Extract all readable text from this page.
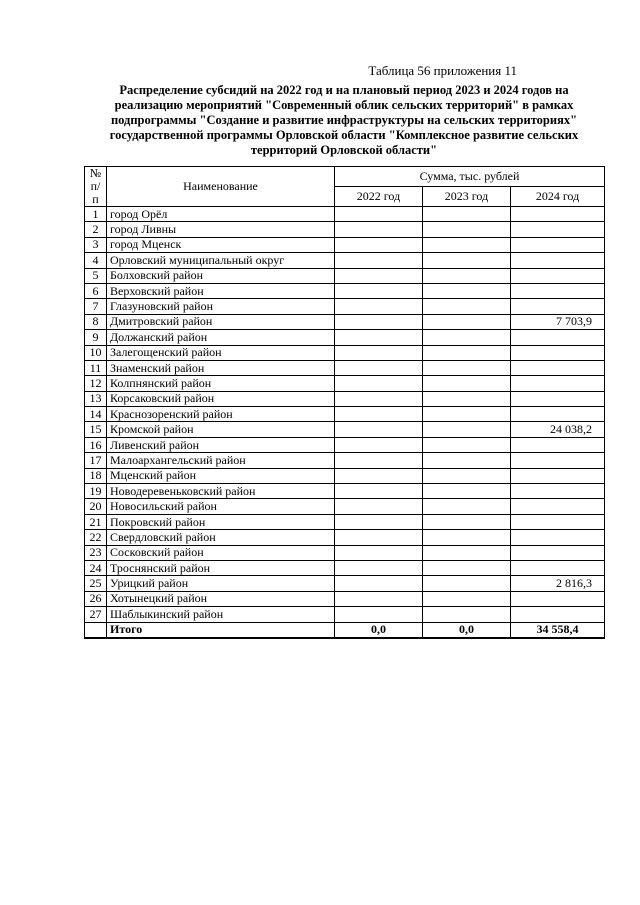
Таблица 56 приложения 11
Распределение субсидий на 2022 год и на плановый период 2023 и 2024 годов на реализацию мероприятий "Современный облик сельских территорий" в рамках подпрограммы "Создание и развитие инфраструктуры на сельских территориях" государственной программы Орловской области "Комплексное развитие сельских территорий Орловской области"
№ п/п	Наименование	Сумма, тыс. рублей		
		2022 год	2023 год	2024 год
1	город Орёл			
2	город Ливны			
3	город Мценск			
4	Орловский муниципальный округ			
5	Болховский район			
6	Верховский район			
7	Глазуновский район			
8	Дмитровский район			7 703,9
9	Должанский район			
10	Залегощенский район			
11	Знаменский район			
12	Колпнянский район			
13	Корсаковский район			
14	Краснозоренский район			
15	Кромской район			24 038,2
16	Ливенский район			
17	Малоархангельский район			
18	Мценский район			
19	Новодеревеньковский район			
20	Новосильский район			
21	Покровский район			
22	Свердловский район			
23	Сосковский район			
24	Троснянский район			
25	Урицкий район			2 816,3
26	Хотынецкий район			
27	Шаблыкинский район			
	Итого	0,0	0,0	34 558,4
